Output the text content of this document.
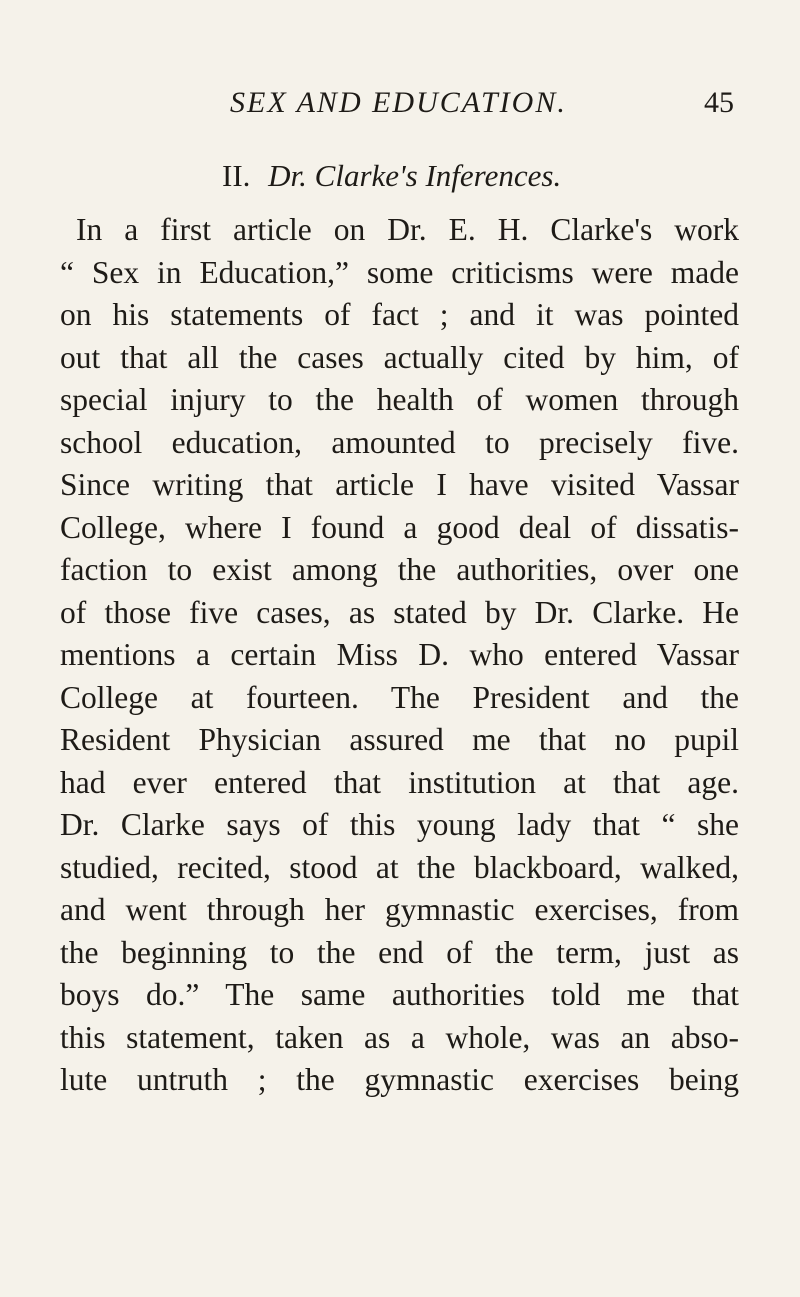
SEX AND EDUCATION.	45
II. Dr. Clarke's Inferences.
In a first article on Dr. E. H. Clarke's work
“ Sex in Education,” some criticisms were made
on his statements of fact ; and it was pointed
out that all the cases actually cited by him, of
special injury to the health of women through
school education, amounted to precisely five.
Since writing that article I have visited Vassar
College, where I found a good deal of dissatis-
faction to exist among the authorities, over one
of those five cases, as stated by Dr. Clarke. He
mentions a certain Miss D. who entered Vassar
College at fourteen. The President and the
Resident Physician assured me that no pupil
had ever entered that institution at that age.
Dr. Clarke says of this young lady that “ she
studied, recited, stood at the blackboard, walked,
and went through her gymnastic exercises, from
the beginning to the end of the term, just as
boys do.” The same authorities told me that
this statement, taken as a whole, was an abso-
lute untruth ; the gymnastic exercises being
